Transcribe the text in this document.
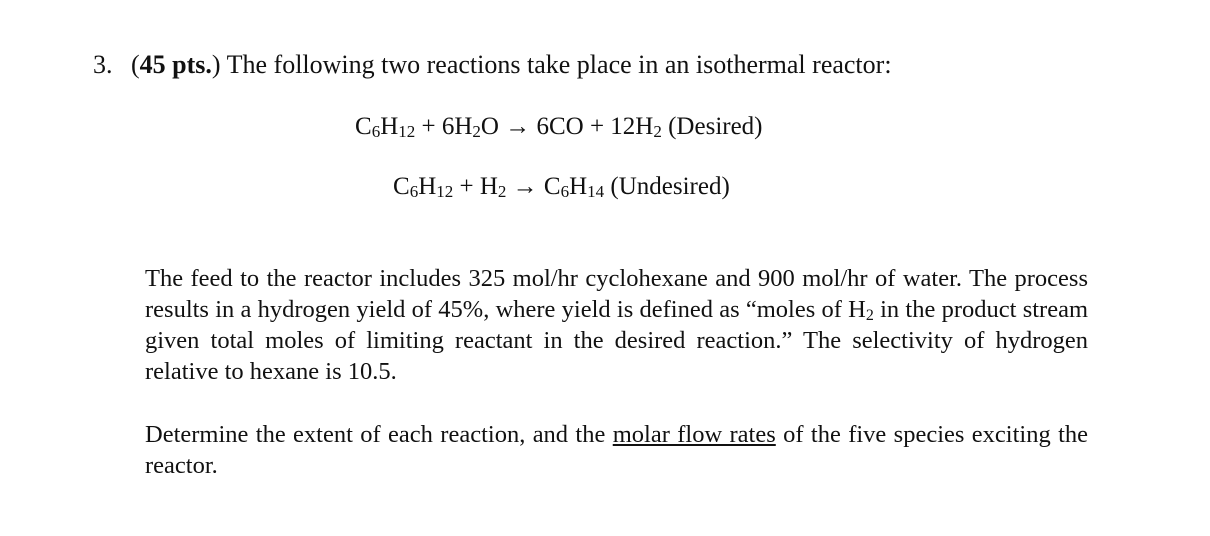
3. (45 pts.) The following two reactions take place in an isothermal reactor:
$C_6H_{12} + 6H_2O \to 6CO + 12H_2$ (Desired)
$C_6H_{12} + H_2 \to C_6H_{14}$ (Undesired)
The feed to the reactor includes 325 mol/hr cyclohexane and 900 mol/hr of water. The process results in a hydrogen yield of 45%, where yield is defined as “moles of $H_2$ in the product stream given total moles of limiting reactant in the desired reaction.” The selectivity of hydrogen relative to hexane is 10.5.
Determine the extent of each reaction, and the molar flow rates of the five species exciting the reactor.
